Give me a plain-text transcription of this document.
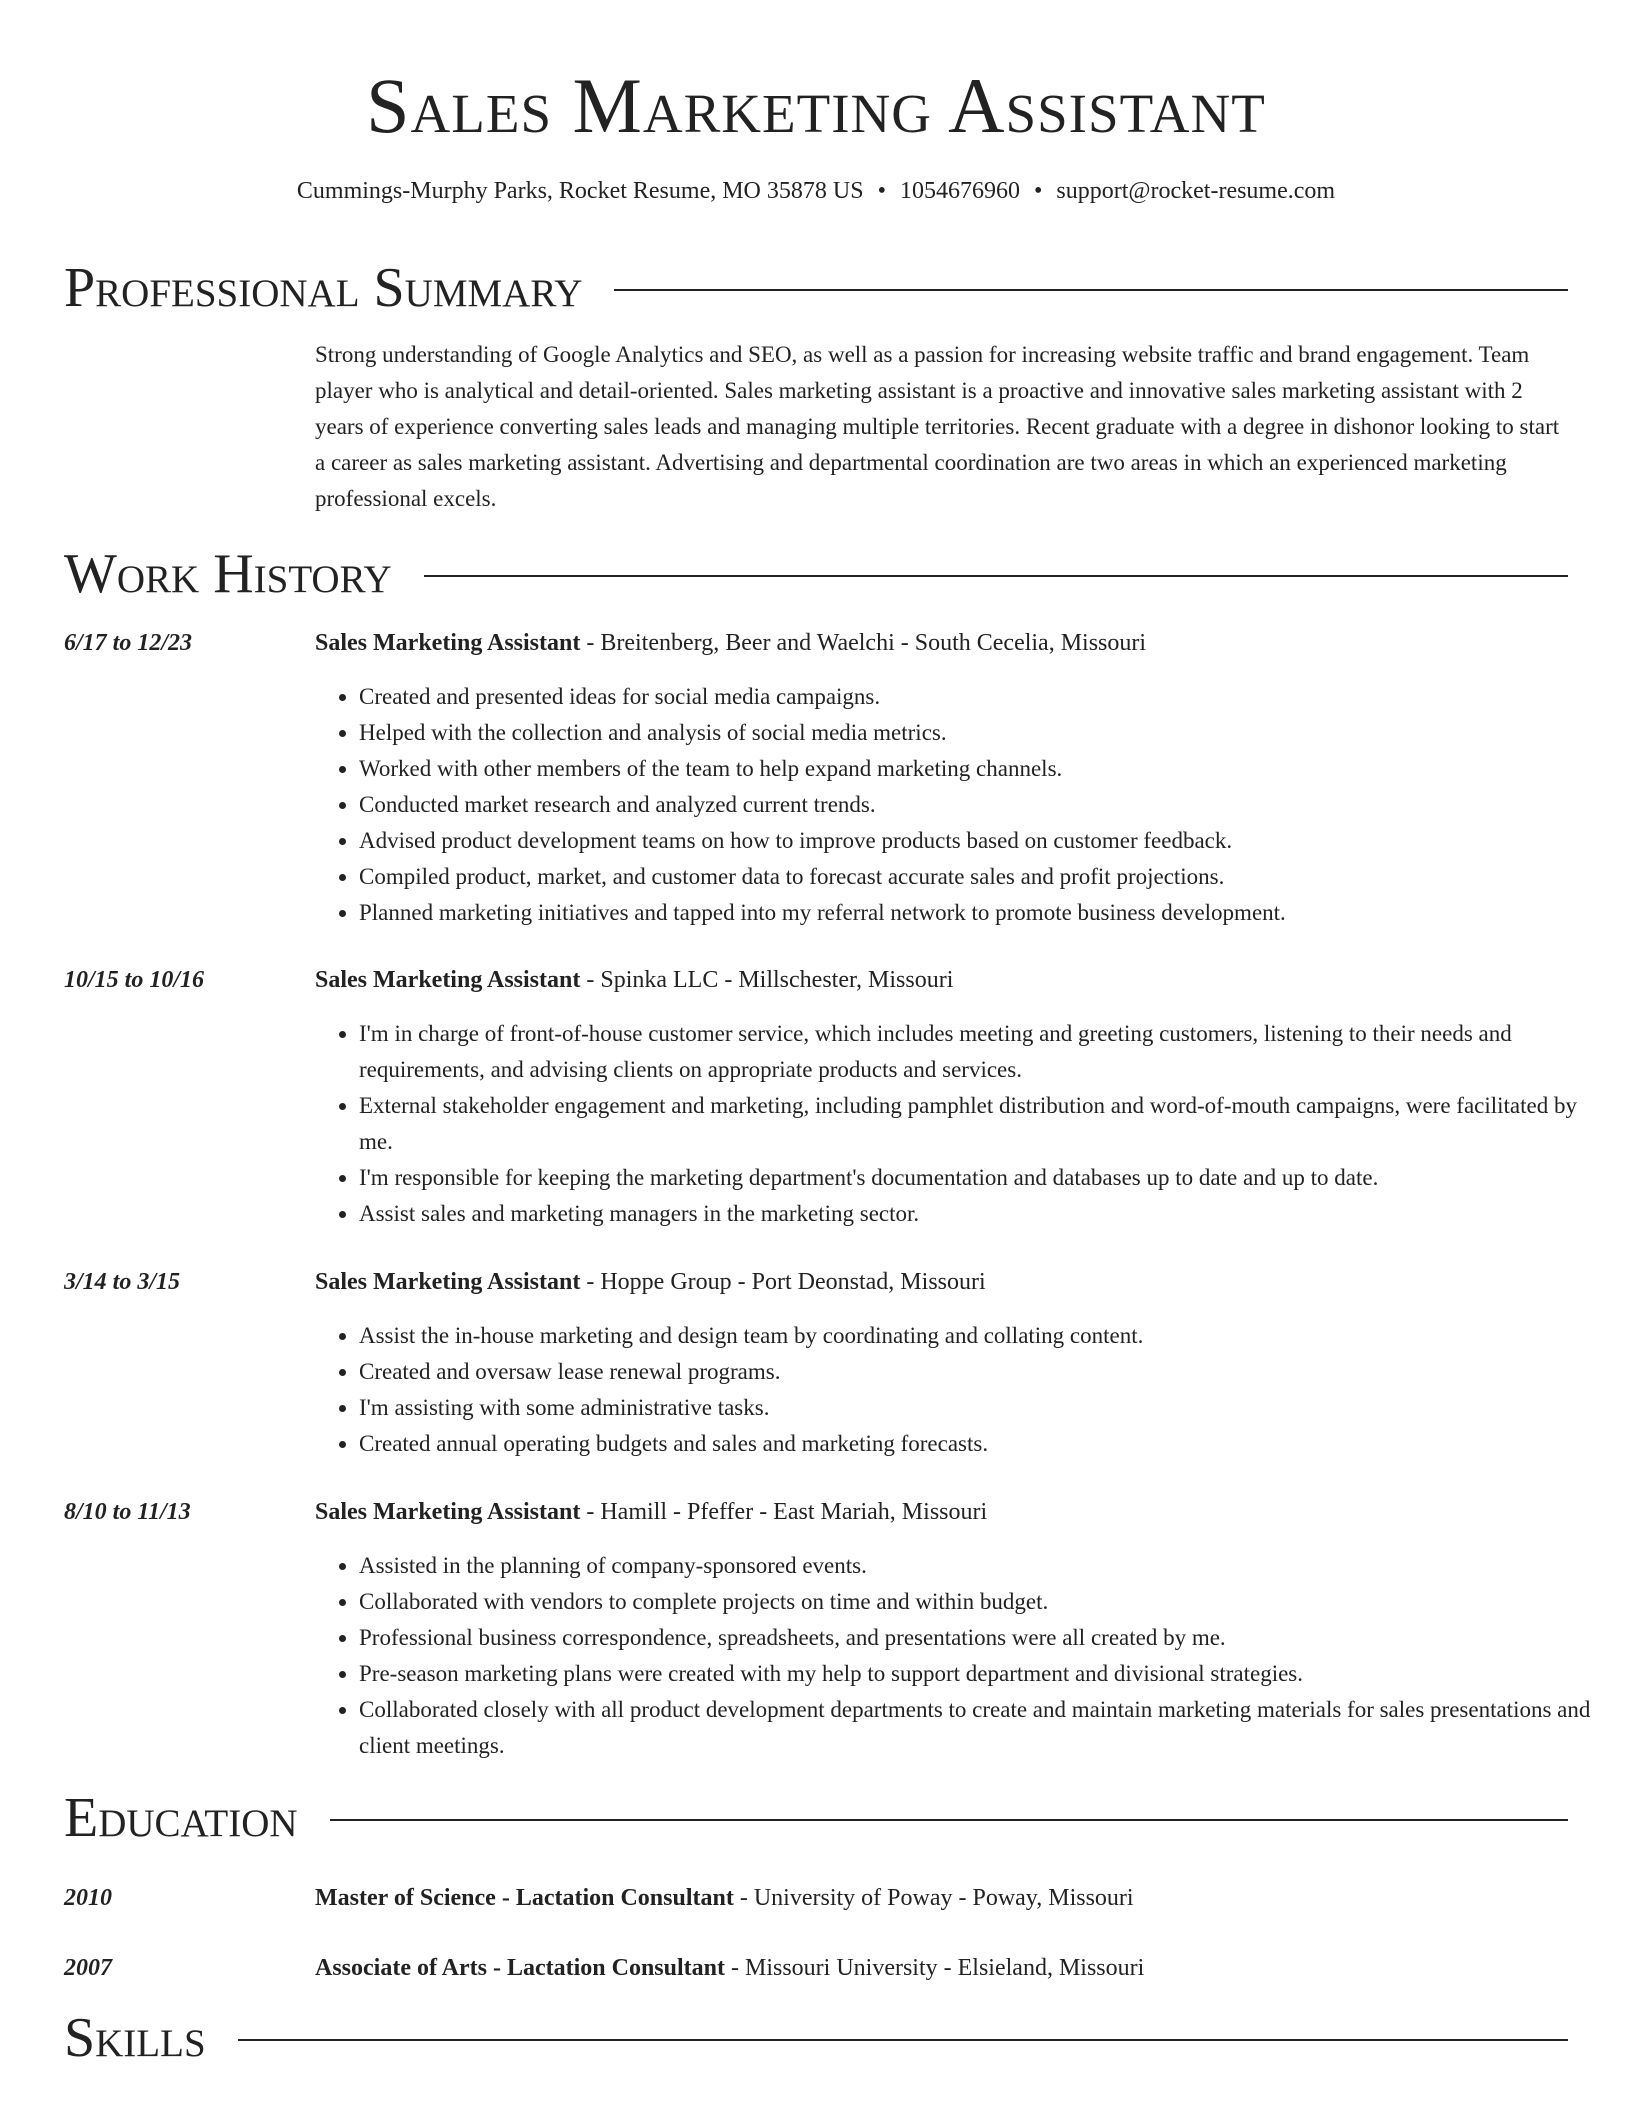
Sales Marketing Assistant
Cummings-Murphy Parks, Rocket Resume, MO 35878 US • 1054676960 • support@rocket-resume.com
Professional Summary
Strong understanding of Google Analytics and SEO, as well as a passion for increasing website traffic and brand engagement. Team player who is analytical and detail-oriented. Sales marketing assistant is a proactive and innovative sales marketing assistant with 2 years of experience converting sales leads and managing multiple territories. Recent graduate with a degree in dishonor looking to start a career as sales marketing assistant. Advertising and departmental coordination are two areas in which an experienced marketing professional excels.
Work History
6/17 to 12/23	Sales Marketing Assistant - Breitenberg, Beer and Waelchi - South Cecelia, Missouri
• Created and presented ideas for social media campaigns.
• Helped with the collection and analysis of social media metrics.
• Worked with other members of the team to help expand marketing channels.
• Conducted market research and analyzed current trends.
• Advised product development teams on how to improve products based on customer feedback.
• Compiled product, market, and customer data to forecast accurate sales and profit projections.
• Planned marketing initiatives and tapped into my referral network to promote business development.
10/15 to 10/16	Sales Marketing Assistant - Spinka LLC - Millschester, Missouri
• I'm in charge of front-of-house customer service, which includes meeting and greeting customers, listening to their needs and requirements, and advising clients on appropriate products and services.
• External stakeholder engagement and marketing, including pamphlet distribution and word-of-mouth campaigns, were facilitated by me.
• I'm responsible for keeping the marketing department's documentation and databases up to date and up to date.
• Assist sales and marketing managers in the marketing sector.
3/14 to 3/15	Sales Marketing Assistant - Hoppe Group - Port Deonstad, Missouri
• Assist the in-house marketing and design team by coordinating and collating content.
• Created and oversaw lease renewal programs.
• I'm assisting with some administrative tasks.
• Created annual operating budgets and sales and marketing forecasts.
8/10 to 11/13	Sales Marketing Assistant - Hamill - Pfeffer - East Mariah, Missouri
• Assisted in the planning of company-sponsored events.
• Collaborated with vendors to complete projects on time and within budget.
• Professional business correspondence, spreadsheets, and presentations were all created by me.
• Pre-season marketing plans were created with my help to support department and divisional strategies.
• Collaborated closely with all product development departments to create and maintain marketing materials for sales presentations and client meetings.
Education
2010	Master of Science - Lactation Consultant - University of Poway - Poway, Missouri
2007	Associate of Arts - Lactation Consultant - Missouri University - Elsieland, Missouri
Skills
